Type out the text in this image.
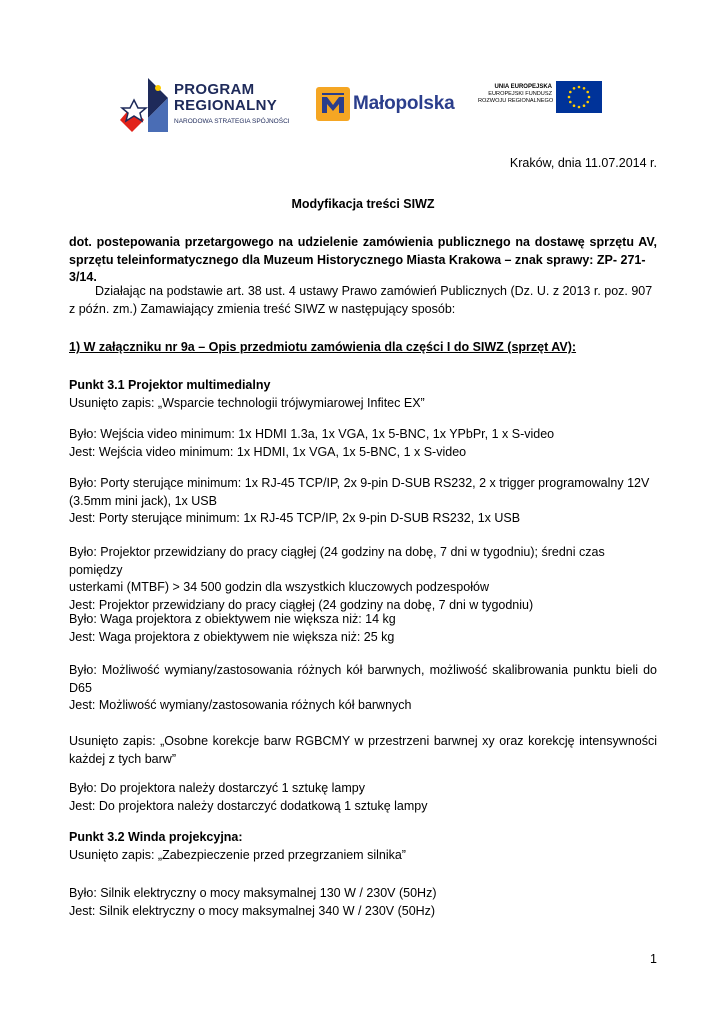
PROGRAM
REGIONALNY
NARODOWA STRATEGIA SPÓJNOŚCI
Małopolska
UNIA EUROPEJSKA
EUROPEJSKI FUNDUSZ
ROZWOJU REGIONALNEGO
Kraków, dnia 11.07.2014 r.
Modyfikacja treści SIWZ
dot. postepowania przetargowego na udzielenie zamówienia publicznego na dostawę sprzętu AV,
sprzętu teleinformatycznego dla Muzeum Historycznego Miasta Krakowa – znak sprawy: ZP- 271-3/14.
Działając na podstawie art. 38 ust. 4 ustawy Prawo zamówień Publicznych (Dz. U. z 2013 r. poz. 907
z późn. zm.) Zamawiający zmienia treść SIWZ w następujący sposób:
1) W załączniku nr 9a – Opis przedmiotu zamówienia dla części I do SIWZ (sprzęt AV):
Punkt 3.1 Projektor multimedialny
Usunięto zapis: „Wsparcie technologii trójwymiarowej Infitec EX”
Było: Wejścia video minimum: 1x HDMI 1.3a, 1x VGA, 1x 5-BNC, 1x YPbPr, 1 x S-video
Jest: Wejścia video minimum: 1x HDMI, 1x VGA, 1x 5-BNC, 1 x S-video
Było: Porty sterujące minimum: 1x RJ-45 TCP/IP, 2x 9-pin D-SUB RS232, 2 x trigger programowalny 12V
(3.5mm mini jack), 1x USB
Jest: Porty sterujące minimum: 1x RJ-45 TCP/IP, 2x 9-pin D-SUB RS232, 1x USB
Było: Projektor przewidziany do pracy ciągłej (24 godziny na dobę, 7 dni w tygodniu); średni czas pomiędzy
usterkami (MTBF) > 34 500 godzin dla wszystkich kluczowych podzespołów
Jest: Projektor przewidziany do pracy ciągłej (24 godziny na dobę, 7 dni w tygodniu)
Było: Waga projektora z obiektywem nie większa niż: 14 kg
Jest: Waga projektora z obiektywem nie większa niż: 25 kg
Było: Możliwość wymiany/zastosowania różnych kół barwnych, możliwość skalibrowania punktu bieli do
D65
Jest: Możliwość wymiany/zastosowania różnych kół barwnych
Usunięto zapis: „Osobne korekcje barw RGBCMY w przestrzeni barwnej xy oraz korekcję intensywności
każdej z tych barw”
Było: Do projektora należy dostarczyć 1 sztukę lampy
Jest: Do projektora należy dostarczyć dodatkową 1 sztukę lampy
Punkt 3.2 Winda projekcyjna:
Usunięto zapis: „Zabezpieczenie przed przegrzaniem silnika”
Było: Silnik elektryczny o mocy maksymalnej 130 W / 230V (50Hz)
Jest: Silnik elektryczny o mocy maksymalnej 340 W / 230V (50Hz)
1
